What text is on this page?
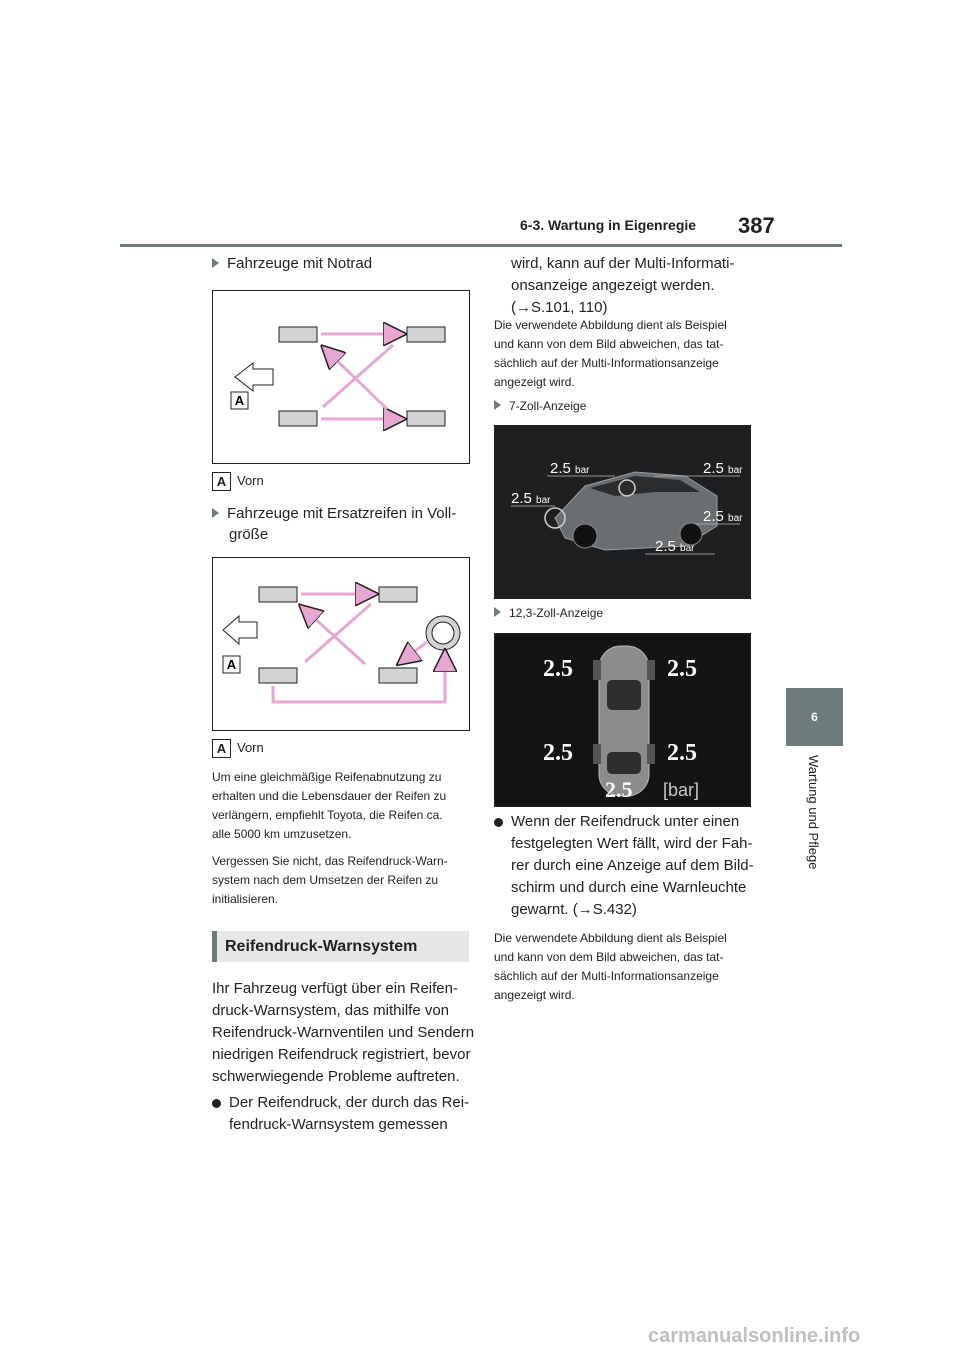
6-3. Wartung in Eigenregie 387
6
Wartung und Pflege
Fahrzeuge mit Notrad
A
A Vorn
Fahrzeuge mit Ersatzreifen in Voll-
größe
A
A Vorn
Um eine gleichmäßige Reifenabnutzung zu
erhalten und die Lebensdauer der Reifen zu
verlängern, empfiehlt Toyota, die Reifen ca.
alle 5000 km umzusetzen.
Vergessen Sie nicht, das Reifendruck-Warn-
system nach dem Umsetzen der Reifen zu
initialisieren.
Reifendruck-Warnsystem
Ihr Fahrzeug verfügt über ein Reifen-
druck-Warnsystem, das mithilfe von
Reifendruck-Warnventilen und Sendern
niedrigen Reifendruck registriert, bevor
schwerwiegende Probleme auftreten.
Der Reifendruck, der durch das Rei-
fendruck-Warnsystem gemessen
wird, kann auf der Multi-Informati-
onsanzeige angezeigt werden.
(→S.101, 110)
Die verwendete Abbildung dient als Beispiel
und kann von dem Bild abweichen, das tat-
sächlich auf der Multi-Informationsanzeige
angezeigt wird.
7-Zoll-Anzeige
2.5 bar
2.5 bar
2.5 bar
2.5 bar
2.5 bar
12,3-Zoll-Anzeige
2.5	2.5
2.5	2.5
2.5 [bar]
Wenn der Reifendruck unter einen
festgelegten Wert fällt, wird der Fah-
rer durch eine Anzeige auf dem Bild-
schirm und durch eine Warnleuchte
gewarnt. (→S.432)
Die verwendete Abbildung dient als Beispiel
und kann von dem Bild abweichen, das tat-
sächlich auf der Multi-Informationsanzeige
angezeigt wird.
carmanualsonline.info
